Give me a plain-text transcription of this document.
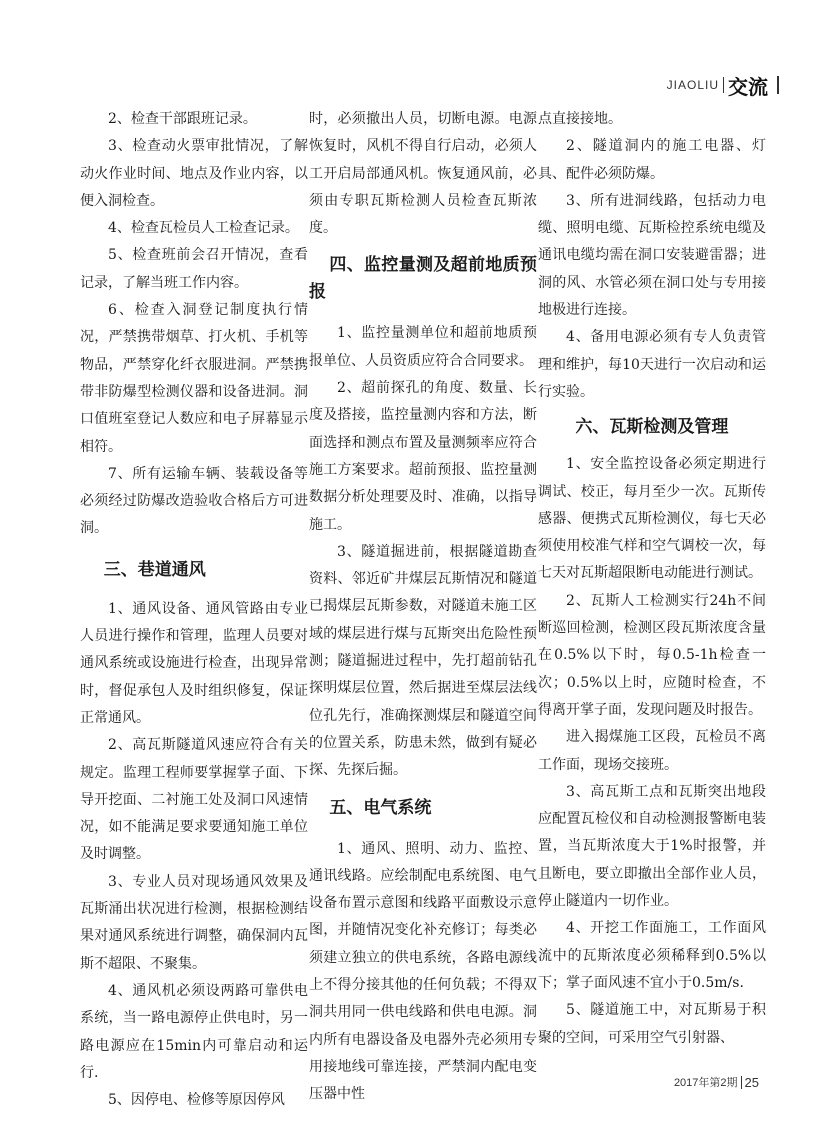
JIAOLIU 交流

2、检查干部跟班记录。

3、检查动火票审批情况，了解动火作业时间、地点及作业内容，以便入洞检查。

4、检查瓦检员人工检查记录。

5、检查班前会召开情况，查看记录，了解当班工作内容。

6、检查入洞登记制度执行情况，严禁携带烟草、打火机、手机等物品，严禁穿化纤衣服进洞。严禁携带非防爆型检测仪器和设备进洞。洞口值班室登记人数应和电子屏幕显示相符。

7、所有运输车辆、装载设备等必须经过防爆改造验收合格后方可进洞。

三、巷道通风

1、通风设备、通风管路由专业人员进行操作和管理，监理人员要对通风系统或设施进行检查，出现异常时，督促承包人及时组织修复，保证正常通风。

2、高瓦斯隧道风速应符合有关规定。监理工程师要掌握掌子面、下导开挖面、二衬施工处及洞口风速情况，如不能满足要求要通知施工单位及时调整。

3、专业人员对现场通风效果及瓦斯涌出状况进行检测，根据检测结果对通风系统进行调整，确保洞内瓦斯不超限、不聚集。

4、通风机必须设两路可靠供电系统，当一路电源停止供电时，另一路电源应在15min内可靠启动和运行.

5、因停电、检修等原因停风

时，必须撤出人员，切断电源。电源恢复时，风机不得自行启动，必须人工开启局部通风机。恢复通风前，必须由专职瓦斯检测人员检查瓦斯浓度。

四、监控量测及超前地质预报

1、监控量测单位和超前地质预报单位、人员资质应符合合同要求。

2、超前探孔的角度、数量、长度及搭接，监控量测内容和方法，断面选择和测点布置及量测频率应符合施工方案要求。超前预报、监控量测数据分析处理要及时、准确，以指导施工。

3、隧道掘进前，根据隧道勘查资料、邻近矿井煤层瓦斯情况和隧道已揭煤层瓦斯参数，对隧道未施工区域的煤层进行煤与瓦斯突出危险性预测；隧道掘进过程中，先打超前钻孔探明煤层位置，然后据进至煤层法线位孔先行，准确探测煤层和隧道空间的位置关系，防患未然，做到有疑必探、先探后掘。

五、电气系统

1、通风、照明、动力、监控、通讯线路。应绘制配电系统图、电气设备布置示意图和线路平面敷设示意图，并随情况变化补充修订；每类必须建立独立的供电系统，各路电源线上不得分接其他的任何负载；不得双洞共用同一供电线路和供电电源。洞内所有电器设备及电器外壳必须用专用接地线可靠连接，严禁洞内配电变压器中性

点直接接地。

2、隧道洞内的施工电器、灯具、配件必须防爆。

3、所有进洞线路，包括动力电缆、照明电缆、瓦斯检控系统电缆及通讯电缆均需在洞口安装避雷器；进洞的风、水管必须在洞口处与专用接地极进行连接。

4、备用电源必须有专人负责管理和维护，每10天进行一次启动和运行实验。

六、瓦斯检测及管理

1、安全监控设备必须定期进行调试、校正，每月至少一次。瓦斯传感器、便携式瓦斯检测仪，每七天必须使用校准气样和空气调校一次，每七天对瓦斯超限断电动能进行测试。

2、瓦斯人工检测实行24h不间断巡回检测，检测区段瓦斯浓度含量在0.5%以下时，每0.5-1h检查一次；0.5%以上时，应随时检查，不得离开掌子面，发现问题及时报告。

进入揭煤施工区段，瓦检员不离工作面，现场交接班。

3、高瓦斯工点和瓦斯突出地段应配置瓦检仪和自动检测报警断电装置，当瓦斯浓度大于1%时报警，并且断电，要立即撤出全部作业人员，停止隧道内一切作业。

4、开挖工作面施工，工作面风流中的瓦斯浓度必须稀释到0.5%以下；掌子面风速不宜小于0.5m/s.

5、隧道施工中，对瓦斯易于积聚的空间，可采用空气引射器、

2017年第2期 25
